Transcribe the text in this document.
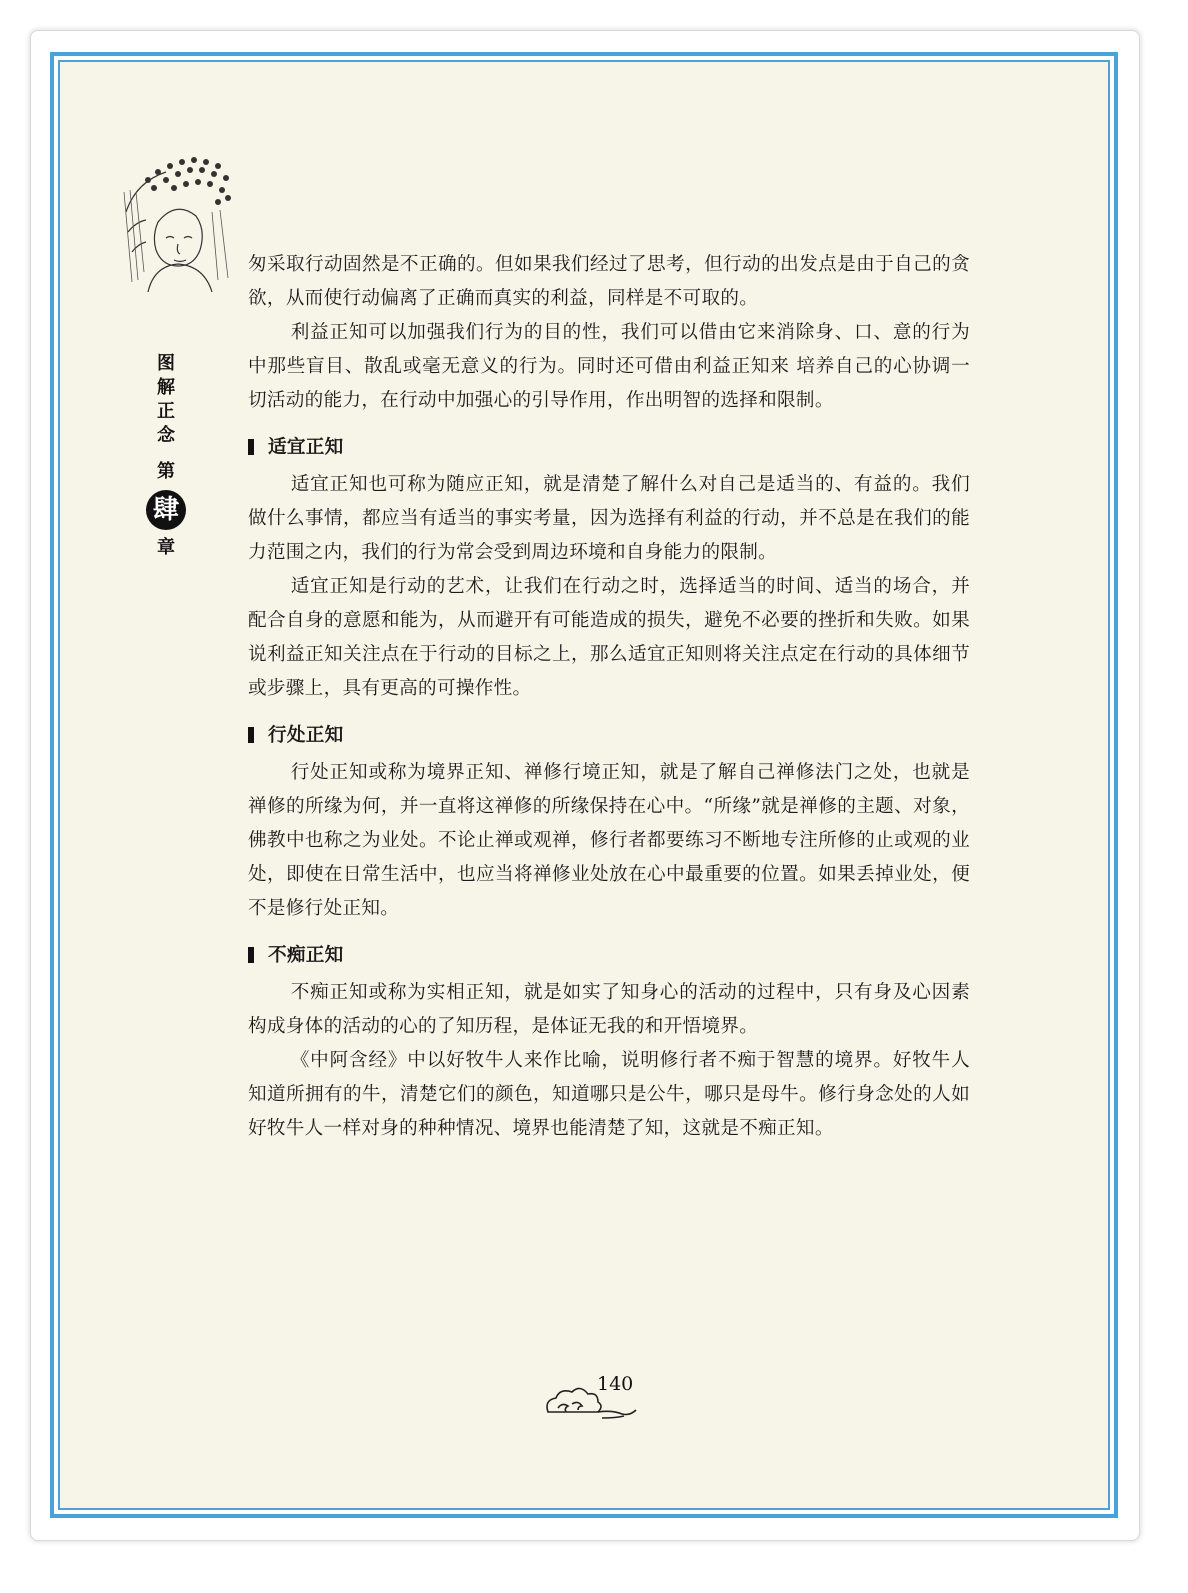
图
解
正
念
第
肆
章

匆采取行动固然是不正确的。但如果我们经过了思考，但行动的出发点是由于自己的贪欲，从而使行动偏离了正确而真实的利益，同样是不可取的。

利益正知可以加强我们行为的目的性，我们可以借由它来消除身、口、意的行为中那些盲目、散乱或毫无意义的行为。同时还可借由利益正知来 培养自己的心协调一切活动的能力，在行动中加强心的引导作用，作出明智的选择和限制。

适宜正知

适宜正知也可称为随应正知，就是清楚了解什么对自己是适当的、有益的。我们做什么事情，都应当有适当的事实考量，因为选择有利益的行动，并不总是在我们的能力范围之内，我们的行为常会受到周边环境和自身能力的限制。

适宜正知是行动的艺术，让我们在行动之时，选择适当的时间、适当的场合，并配合自身的意愿和能为，从而避开有可能造成的损失，避免不必要的挫折和失败。如果说利益正知关注点在于行动的目标之上，那么适宜正知则将关注点定在行动的具体细节或步骤上，具有更高的可操作性。

行处正知

行处正知或称为境界正知、禅修行境正知，就是了解自己禅修法门之处，也就是禅修的所缘为何，并一直将这禅修的所缘保持在心中。“所缘”就是禅修的主题、对象，佛教中也称之为业处。不论止禅或观禅，修行者都要练习不断地专注所修的止或观的业处，即使在日常生活中，也应当将禅修业处放在心中最重要的位置。如果丢掉业处，便不是修行处正知。

不痴正知

不痴正知或称为实相正知，就是如实了知身心的活动的过程中，只有身及心因素构成身体的活动的心的了知历程，是体证无我的和开悟境界。

《中阿含经》中以好牧牛人来作比喻，说明修行者不痴于智慧的境界。好牧牛人知道所拥有的牛，清楚它们的颜色，知道哪只是公牛，哪只是母牛。修行身念处的人如好牧牛人一样对身的种种情况、境界也能清楚了知，这就是不痴正知。

140
